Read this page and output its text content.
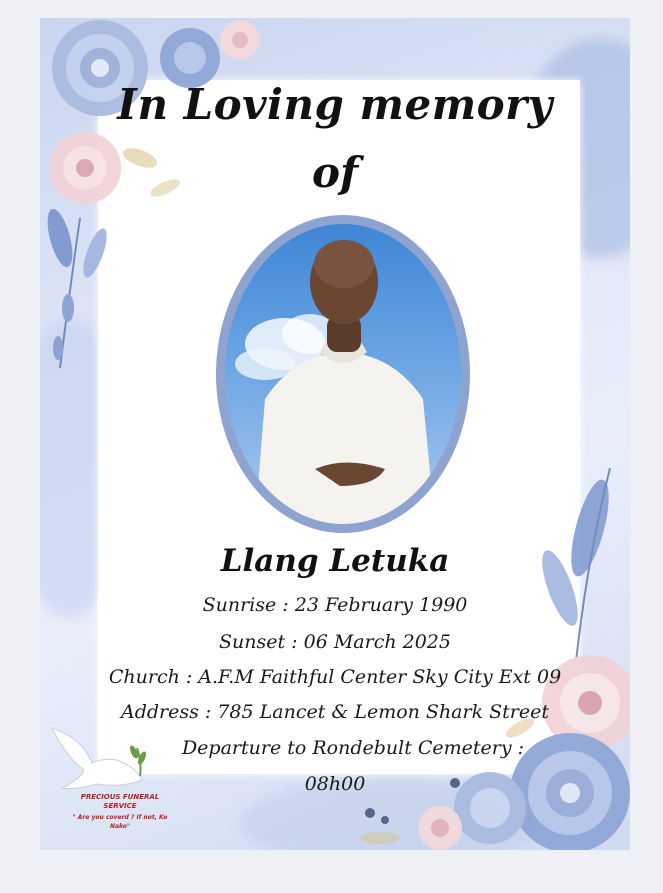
In Loving memory
of
Llang Letuka
Sunrise : 23 February 1990
Sunset : 06 March 2025
Church : A.F.M Faithful Center Sky City Ext 09
Address : 785 Lancet & Lemon Shark Street
Departure to Rondebult Cemetery :
08h00
PRECIOUS FUNERAL SERVICE
" Are you coverd ? If not, Ke Nako"
